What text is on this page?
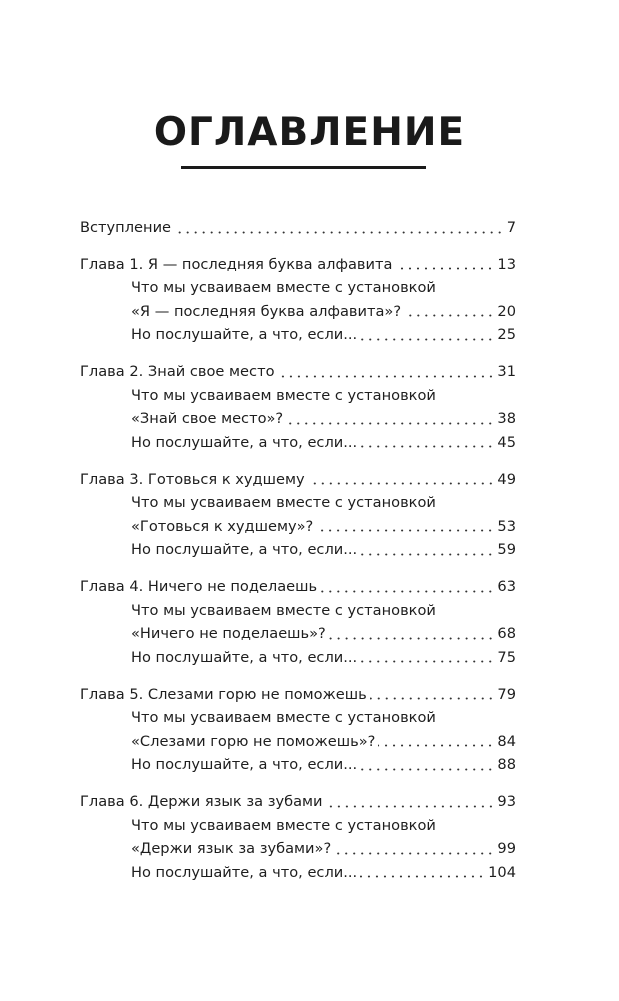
ОГЛАВЛЕНИЕ
Вступление	7
Глава 1. Я — последняя буква алфавита	13
Что мы усваиваем вместе с установкой
«Я — последняя буква алфавита»?	20
Но послушайте, а что, если...	25
Глава 2. Знай свое место	31
Что мы усваиваем вместе с установкой
«Знай свое место»?	38
Но послушайте, а что, если...	45
Глава 3. Готовься к худшему	49
Что мы усваиваем вместе с установкой
«Готовься к худшему»?	53
Но послушайте, а что, если...	59
Глава 4. Ничего не поделаешь	63
Что мы усваиваем вместе с установкой
«Ничего не поделаешь»?	68
Но послушайте, а что, если...	75
Глава 5. Слезами горю не поможешь	79
Что мы усваиваем вместе с установкой
«Слезами горю не поможешь»?	84
Но послушайте, а что, если...	88
Глава 6. Держи язык за зубами	93
Что мы усваиваем вместе с установкой
«Держи язык за зубами»?	99
Но послушайте, а что, если...	104
